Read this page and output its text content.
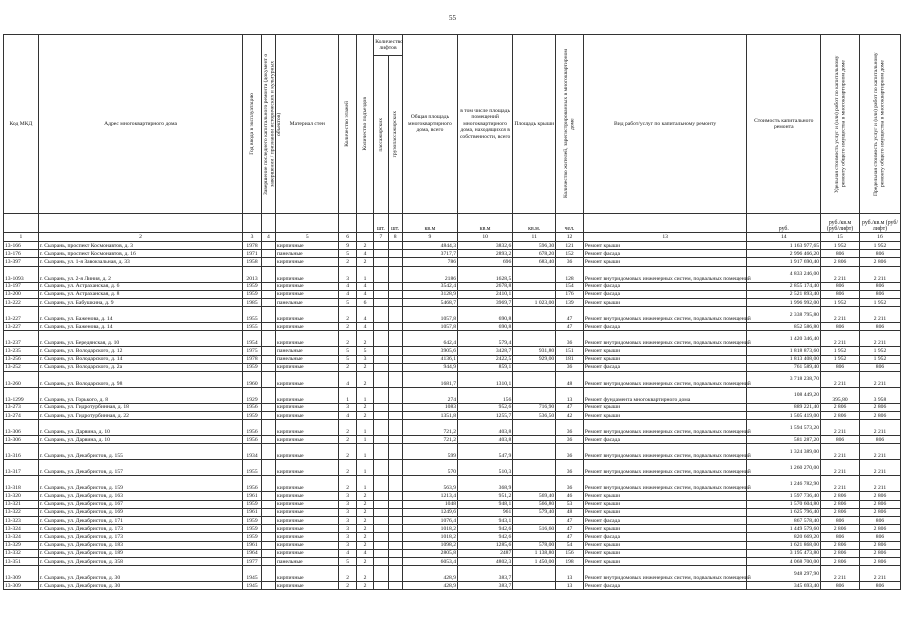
55
Код МКД	Адрес многоквартирного дома	Год ввода в эксплуатацию	Завершение последнего капитального ремонта (документ о завершении / признании исторических и культурных объектов)	Материал стен	Количество этажей	Количество подъездов	Количество лифтов		Общая площадь многоквартирного дома, всего	в том числе площадь помещений многоквартирного дома, находящихся в собственности, всего	Площадь крыши	Количество жителей, зарегистрированных в многоквартирном доме	Вид работ/услуг по капитальному ремонту	Стоимость капитального ремонта	Удельная стоимость услуг и (или) работ по капитальному ремонту общего имущества в многоквартирном доме	Предельная стоимость услуг и (или) работ по капитальному ремонту общего имущества в многоквартирном доме

							пассажирских	грузопассажирских								

							шт.	шт.	кв.м	кв.м	кв.м.	чел.		руб.	руб./кв.м (руб/лифт)	руб./кв.м (руб/лифт)
1	2	3	4	5	6		7	8	9	10	11	12	13	14	15	16
13-166	г. Сызрань, проспект Космонавтов, д. 3	1978		кирпичные	9	2			4844,3	3832,6	596,30	121	Ремонт крыши	1 163 977,65	1 952	1 952
13-176	г. Сызрань, проспект Космонавтов, д. 16	1971		панельные	5	4			3717,7	2893,2	678,20	152	Ремонт фасада	2 996 466,20	806	806
13-397	г. Сызрань, ул. 1-я Завокзальная, д. 33	1958		кирпичные	2	2			786	696	683,40	36	Ремонт крыши	1 917 690,40	2 806	2 806
13-1093	г. Сызрань, ул. 2-я Линия, д. 2	2013		кирпичные	3	1			2186	1628,5		128	Ремонт внутридомовых инженерных систем, подвальных помещений	4 833 246,00	2 211	2 211
13-197	г. Сызрань, ул. Астраханская, д. 6	1959		кирпичные	4	4			3542,4	2678,8		154	Ремонт фасада	2 855 174,40	806	806
13-200	г. Сызрань, ул. Астраханская, д. 8	1959		кирпичные	4	4			3128,9	2410,1		176	Ремонт фасада	2 521 893,40	806	806
13-222	г. Сызрань, ул. Бабушкина, д. 9	1985		панельные	5	6			5468,7	3969,7	1 023,00	139	Ремонт крыши	1 996 992,00	1 952	1 952
13-227	г. Сызрань, ул. Баженова, д. 14	1955		кирпичные	2	4			1057,8	690,8		47	Ремонт внутридомовых инженерных систем, подвальных помещений	2 338 795,80	2 211	2 211
13-227	г. Сызрань, ул. Баженова, д. 14	1955		кирпичные	2	4			1057,8	690,8		47	Ремонт фасада	852 586,80	806	806
13-237	г. Сызрань, ул. Бередянская, д. 10	1954		кирпичные	2	2			642,4	579,4		36	Ремонт внутридомовых инженерных систем, подвальных помещений	1 420 346,40	2 211	2 211
13-235	г. Сызрань, ул. Володарского, д. 12	1975		панельные	5	5			3905,6	3428,7	931,80	151	Ремонт крыши	1 818 873,60	1 952	1 952
13-256	г. Сызрань, ул. Володарского, д. 14	1978		панельные	5	3			4136,1	2422,5	929,00	181	Ремонт крыши	1 813 408,00	1 952	1 952
13-252	г. Сызрань, ул. Володарского, д. 2а	1959		кирпичные	2	2			944,9	859,1		36	Ремонт фасада	761 589,40	806	806
13-260	г. Сызрань, ул. Володарского, д. 98	1960		кирпичные	4	2			1681,7	1310,1		48	Ремонт внутридомовых инженерных систем, подвальных помещений	3 718 238,70	2 211	2 211
13-1299	г. Сызрань, ул. Горького, д. 8	1929		кирпичные	1	1			274	156		13	Ремонт фундамента многоквартирного дома	108 449,20	395,80	3 958
13-273	г. Сызрань, ул. Гидротурбинная, д. 18	1956		кирпичные	3	2			1083	952,6	716,90	47	Ремонт крыши	889 221,40	2 806	2 806
13-274	г. Сызрань, ул. Гидротурбинная, д. 22	1959		кирпичные	4	2			1351,8	1255,7	536,50	42	Ремонт крыши	1 505 419,00	2 806	2 806
13-306	г. Сызрань, ул. Дарвина, д. 10	1956		кирпичные	2	1			721,2	403,8		36	Ремонт внутридомовых инженерных систем, подвальных помещений	1 594 573,20	2 211	2 211
13-306	г. Сызрань, ул. Дарвина, д. 10	1956		кирпичные	2	1			721,2	403,8		36	Ремонт фасада	581 287,20	806	806
13-316	г. Сызрань, ул. Декабристов, д. 155	1934		кирпичные	2	1			599	547,9		36	Ремонт внутридомовых инженерных систем, подвальных помещений	1 324 389,00	2 211	2 211
13-317	г. Сызрань, ул. Декабристов, д. 157	1955		кирпичные	2	1			570	510,3		36	Ремонт внутридомовых инженерных систем, подвальных помещений	1 260 270,00	2 211	2 211
13-318	г. Сызрань, ул. Декабристов, д. 159	1956		кирпичные	2	1			563,9	368,9		36	Ремонт внутридомовых инженерных систем, подвальных помещений	1 246 782,90	2 211	2 211
13-320	г. Сызрань, ул. Декабристов, д. 163	1961		кирпичные	3	2			1213,4	951,2	569,40	46	Ремонт крыши	1 597 736,40	2 806	2 806
13-321	г. Сызрань, ул. Декабристов, д. 167	1959		кирпичные	3	2			1048	948,1	566,80	53	Ремонт крыши	1 570 604,80	2 806	2 806
13-322	г. Сызрань, ул. Декабристов, д. 169	1961		кирпичные	3	2			1249,6	961	579,40	48	Ремонт крыши	1 625 796,40	2 806	2 806
13-323	г. Сызрань, ул. Декабристов, д. 171	1959		кирпичные	3	2			1076,4	943,1		47	Ремонт фасада	867 578,40	806	806
13-324	г. Сызрань, ул. Декабристов, д. 173	1959		кирпичные	3	2			1018,2	942,6	516,60	47	Ремонт крыши	1 449 579,60	2 806	2 806
13-324	г. Сызрань, ул. Декабристов, д. 173	1959		кирпичные	3	2			1018,2	942,6		47	Ремонт фасада	820 669,20	806	806
13-329	г. Сызрань, ул. Декабристов, д. 183	1961		кирпичные	3	2			1098,2	1285,6	578,00	54	Ремонт крыши	1 621 868,00	2 806	2 806
13-332	г. Сызрань, ул. Декабристов, д. 189	1964		кирпичные	4	4			2805,8	2487	1 138,80	156	Ремонт крыши	3 195 473,80	2 806	2 806
13-351	г. Сызрань, ул. Декабристов, д. 358	1977		панельные	5	2			6053,4	4802,3	1 450,00	198	Ремонт крыши	4 068 700,00	2 806	2 806
13-309	г. Сызрань, ул. Декабристов, д. 30	1945		кирпичные	2	2			428,9	383,7		13	Ремонт внутридомовых инженерных систем, подвальных помещений	948 297,90	2 211	2 211
13-309	г. Сызрань, ул. Декабристов, д. 30	1945		кирпичные	2	2			428,9	383,7		13	Ремонт фасада	345 693,40	806	806
